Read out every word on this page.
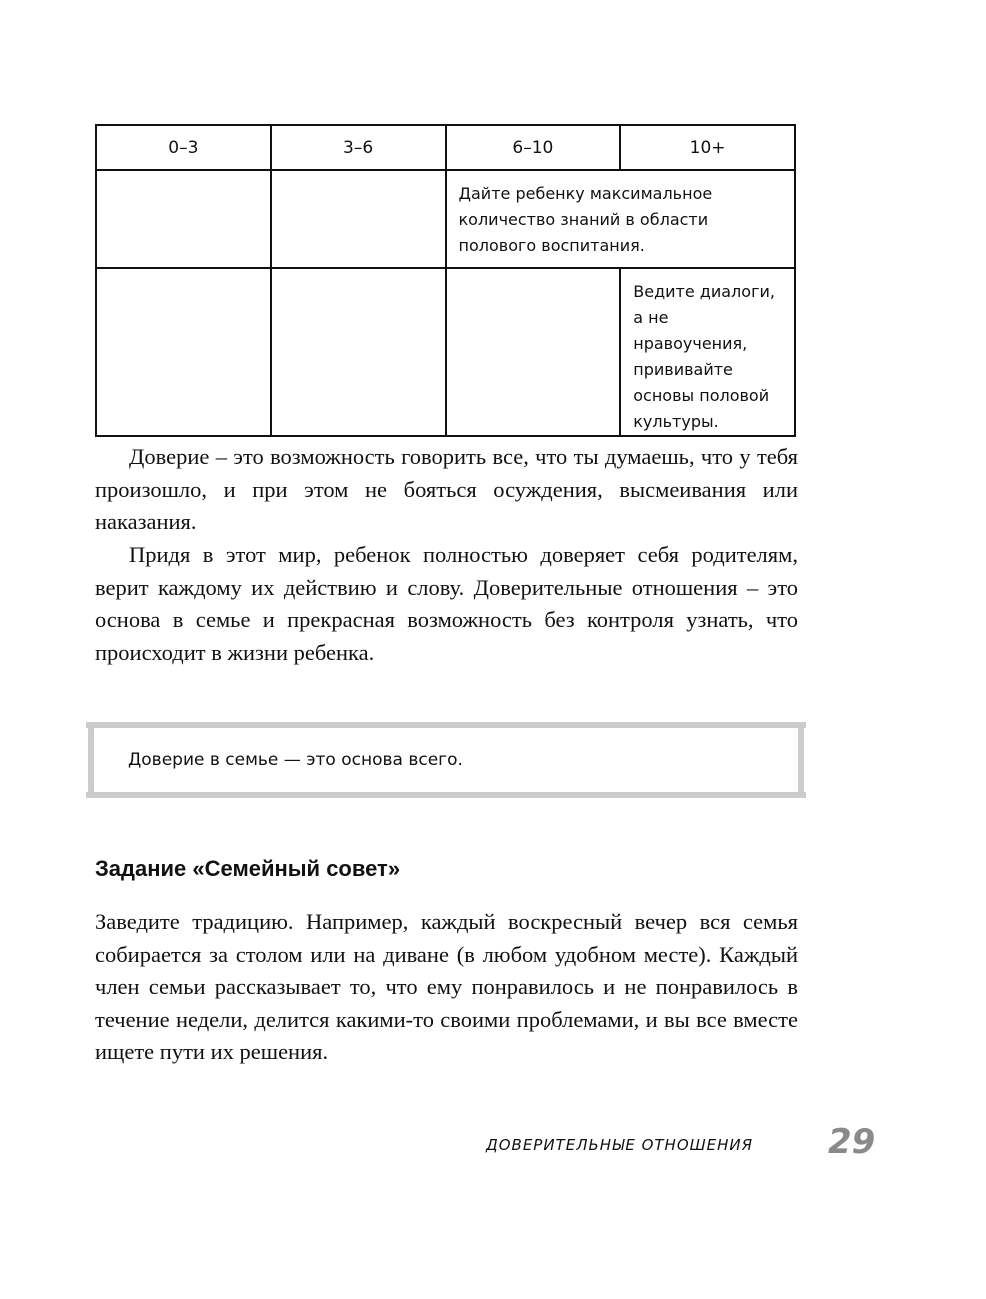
0–3	3–6	6–10	10+

		Дайте ребенку максимальное количество знаний в области полового воспитания.	

			Ведите диалоги, а не нравоучения, прививайте основы половой культуры.

Доверие – это возможность говорить все, что ты думаешь, что у тебя произошло, и при этом не бояться осуждения, высмеивания или наказания.

Придя в этот мир, ребенок полностью доверяет себя родителям, верит каждому их действию и слову. Доверительные отношения – это основа в семье и прекрасная возможность без контроля узнать, что происходит в жизни ребенка.

Доверие в семье — это основа всего.
Задание «Семейный совет»

Заведите традицию. Например, каждый воскресный вечер вся семья собирается за столом или на диване (в любом удобном месте). Каждый член семьи рассказывает то, что ему понравилось и не понравилось в течение недели, делится какими-то своими проблемами, и вы все вместе ищете пути их решения.

ДОВЕРИТЕЛЬНЫЕ ОТНОШЕНИЯ 29
